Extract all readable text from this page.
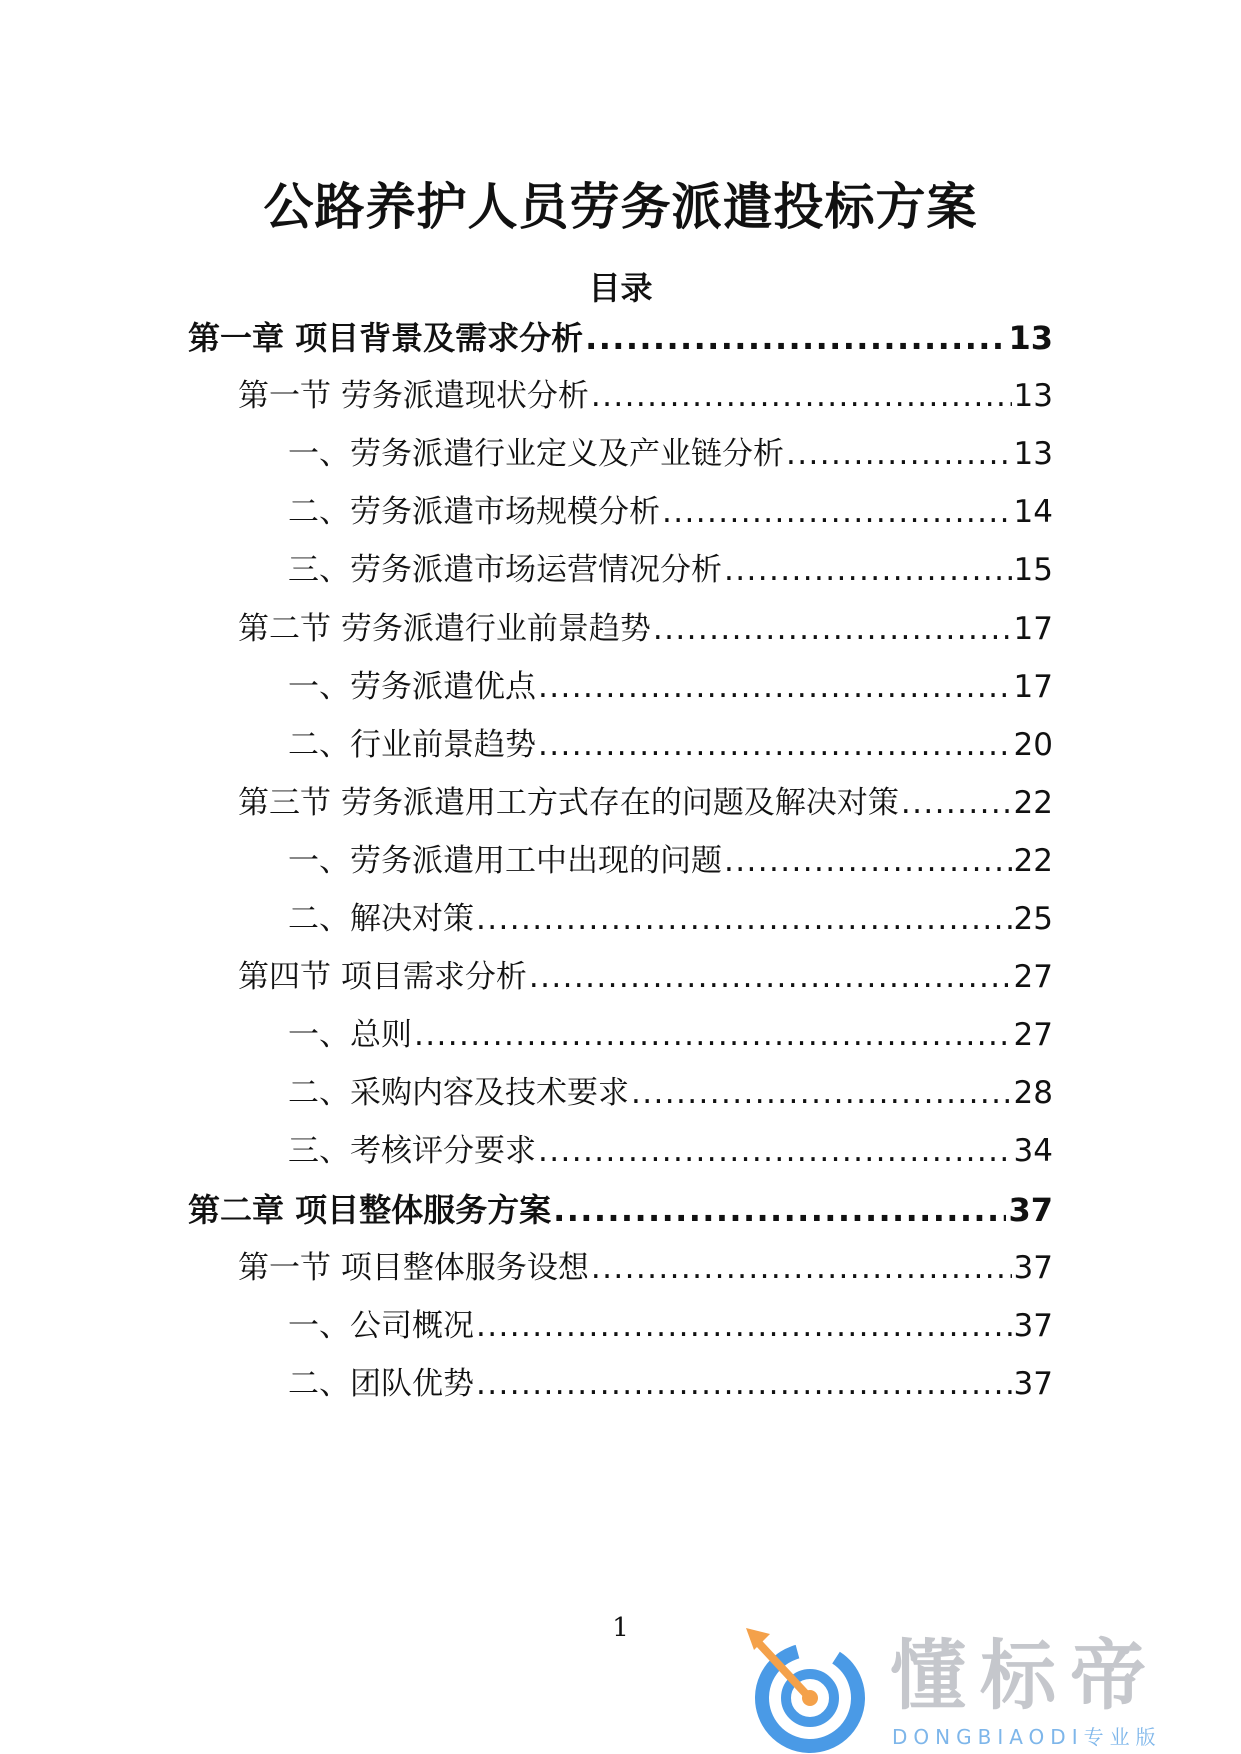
公路养护人员劳务派遣投标方案
目录
第一章 项目背景及需求分析 .....	13
第一节 劳务派遣现状分析 .....	13
一、劳务派遣行业定义及产业链分析 .....	13
二、劳务派遣市场规模分析 .....	14
三、劳务派遣市场运营情况分析 .....	15
第二节 劳务派遣行业前景趋势 .....	17
一、劳务派遣优点 .....	17
二、行业前景趋势 .....	20
第三节 劳务派遣用工方式存在的问题及解决对策 .....	22
一、劳务派遣用工中出现的问题 .....	22
二、解决对策 .....	25
第四节 项目需求分析 .....	27
一、总则 .....	27
二、采购内容及技术要求 .....	28
三、考核评分要求 .....	34
第二章 项目整体服务方案 .....	37
第一节 项目整体服务设想 .....	37
一、公司概况 .....	37
二、团队优势 .....	37
1
懂标帝
DONGBIAODI专业版
